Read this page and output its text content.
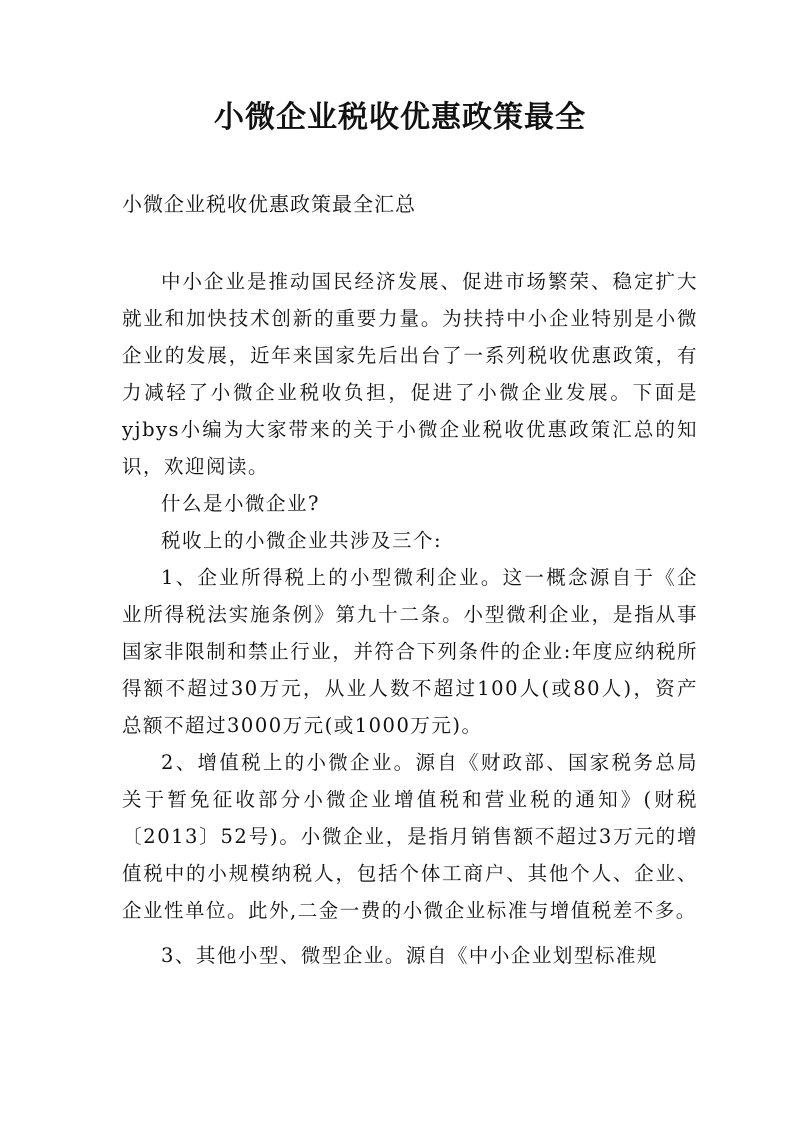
小微企业税收优惠政策最全
小微企业税收优惠政策最全汇总

中小企业是推动国民经济发展、促进市场繁荣、稳定扩大就业和加快技术创新的重要力量。为扶持中小企业特别是小微企业的发展，近年来国家先后出台了一系列税收优惠政策，有力减轻了小微企业税收负担，促进了小微企业发展。下面是yjbys小编为大家带来的关于小微企业税收优惠政策汇总的知识，欢迎阅读。

什么是小微企业?

税收上的小微企业共涉及三个:

1、企业所得税上的小型微利企业。这一概念源自于《企业所得税法实施条例》第九十二条。小型微利企业，是指从事国家非限制和禁止行业，并符合下列条件的企业:年度应纳税所得额不超过30万元，从业人数不超过100人(或80人)，资产总额不超过3000万元(或1000万元)。

2、增值税上的小微企业。源自《财政部、国家税务总局关于暂免征收部分小微企业增值税和营业税的通知》(财税〔2013〕52号)。小微企业，是指月销售额不超过3万元的增值税中的小规模纳税人，包括个体工商户、其他个人、企业、企业性单位。此外,二金一费的小微企业标准与增值税差不多。

3、其他小型、微型企业。源自《中小企业划型标准规
